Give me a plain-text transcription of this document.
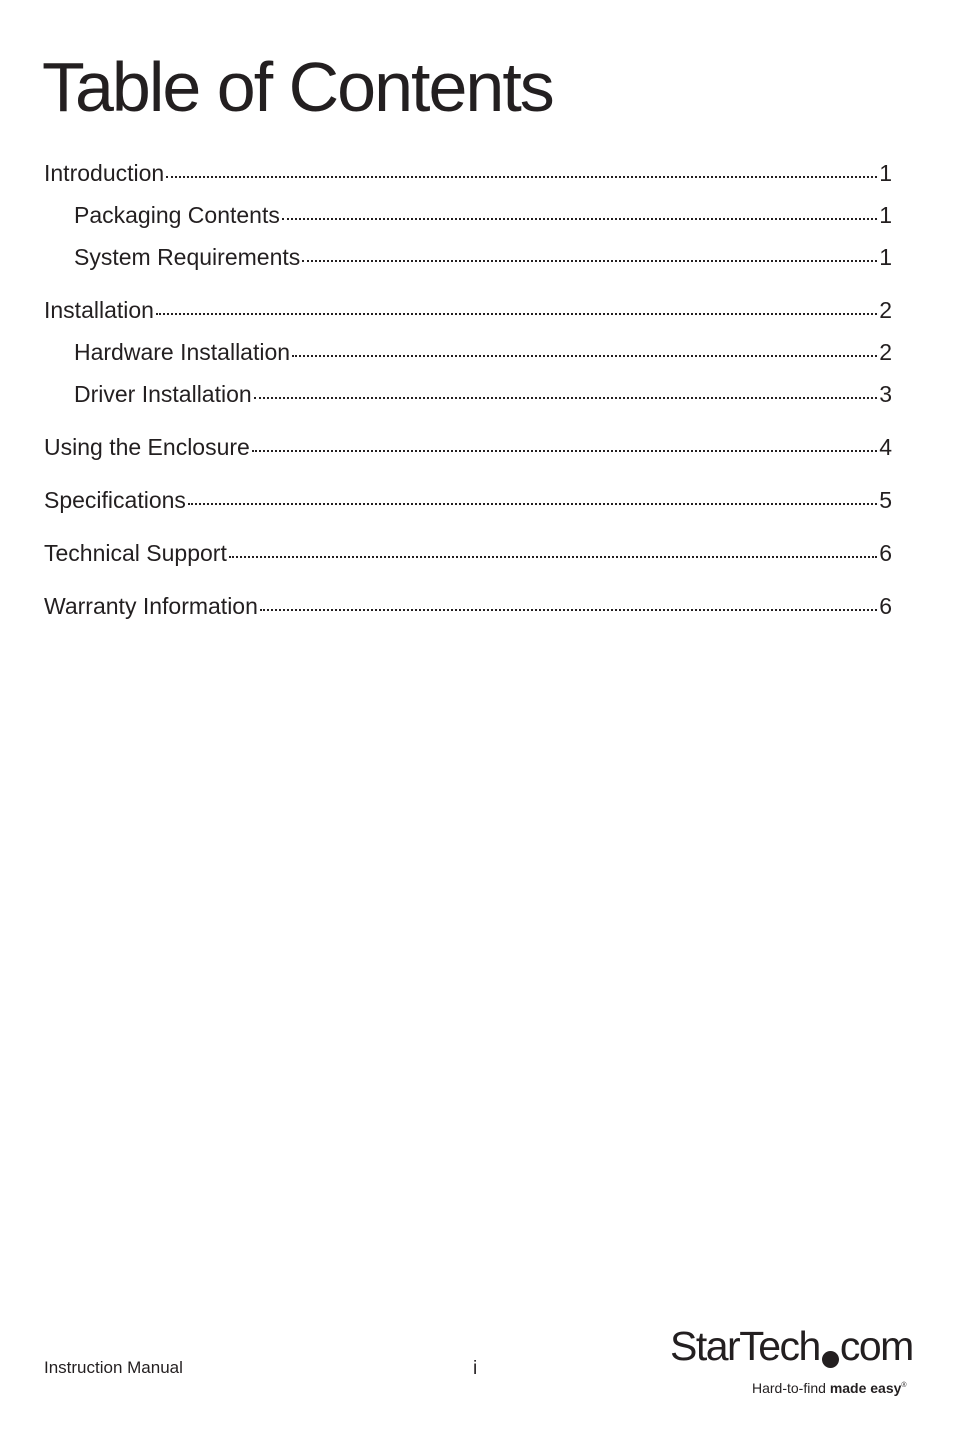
Table of Contents
Introduction	1
Packaging Contents	1
System Requirements	1
Installation	2
Hardware Installation	2
Driver Installation	3
Using the Enclosure	4
Specifications	5
Technical Support	6
Warranty Information	6
Instruction Manual	i	StarTech com
Hard-to-find made easy®
